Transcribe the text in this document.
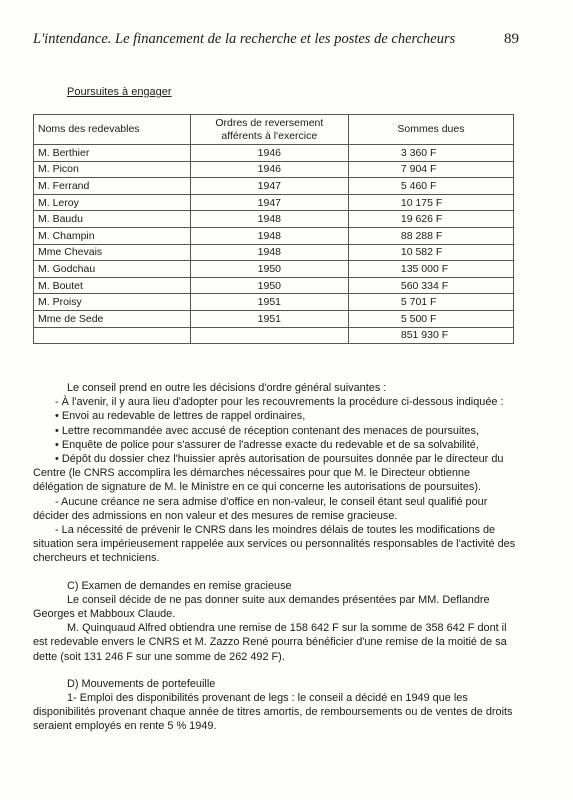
L'intendance. Le financement de la recherche et les postes de chercheurs	89
Poursuites à engager
Noms des redevables	Ordres de reversement afférents à l'exercice	Sommes dues
M. Berthier	1946	3 360 F
M. Picon	1946	7 904 F
M. Ferrand	1947	5 460 F
M. Leroy	1947	10 175 F
M. Baudu	1948	19 626 F
M. Champin	1948	88 288 F
Mme Chevais	1948	10 582 F
M. Godchau	1950	135 000 F
M. Boutet	1950	560 334 F
M. Proisy	1951	5 701 F
Mme de Sede	1951	5 500 F
		851 930 F

Le conseil prend en outre les décisions d'ordre général suivantes :

- À l'avenir, il y aura lieu d'adopter pour les recouvrements la procédure ci-dessous indiquée :

• Envoi au redevable de lettres de rappel ordinaires,

• Lettre recommandée avec accusé de réception contenant des menaces de poursuites,

• Enquête de police pour s'assurer de l'adresse exacte du redevable et de sa solvabilité,

• Dépôt du dossier chez l'huissier après autorisation de poursuites donnée par le directeur du Centre (le CNRS accomplira les démarches nécessaires pour que M. le Directeur obtienne délégation de signature de M. le Ministre en ce qui concerne les autorisations de poursuites).

- Aucune créance ne sera admise d'office en non-valeur, le conseil étant seul qualifié pour décider des admissions en non valeur et des mesures de remise gracieuse.

- La nécessité de prévenir le CNRS dans les moindres délais de toutes les modifications de situation sera impérieusement rappelée aux services ou personnalités responsables de l'activité des chercheurs et techniciens.

C) Examen de demandes en remise gracieuse

Le conseil décide de ne pas donner suite aux demandes présentées par MM. Deflandre Georges et Mabboux Claude.

M. Quinquaud Alfred obtiendra une remise de 158 642 F sur la somme de 358 642 F dont il est redevable envers le CNRS et M. Zazzo René pourra bénéficier d'une remise de la moitié de sa dette (soit 131 246 F sur une somme de 262 492 F).

D) Mouvements de portefeuille

1- Emploi des disponibilités provenant de legs : le conseil a décidé en 1949 que les disponibilités provenant chaque année de titres amortis, de remboursements ou de ventes de droits seraient employés en rente 5 % 1949.
